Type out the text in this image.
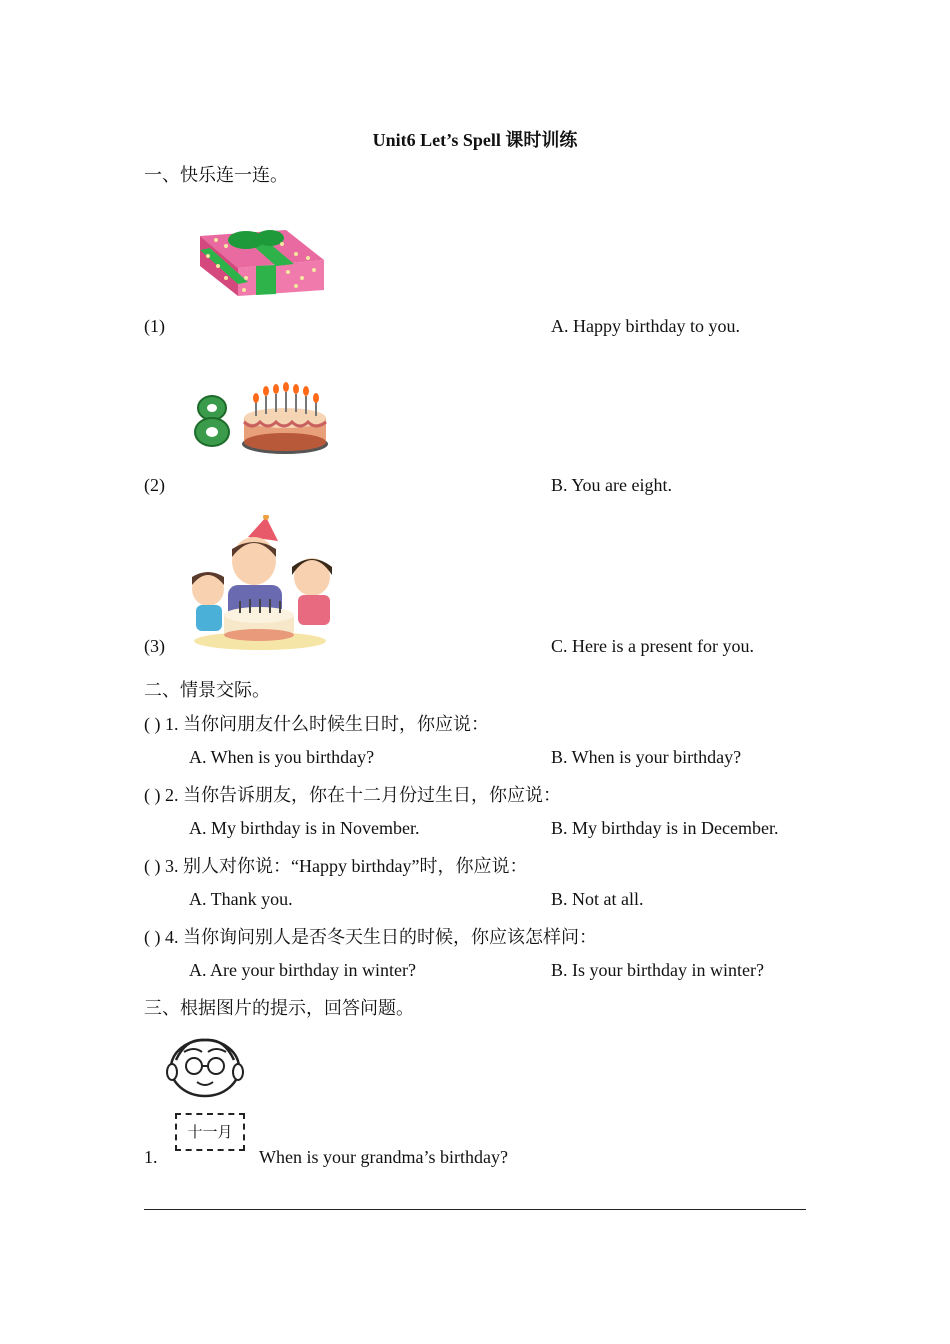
Unit6 Let’s Spell 课时训练
一、快乐连一连。
(1)	A. Happy birthday to you.
(2)	B. You are eight.
(3)	C. Here is a present for you.
二、情景交际。
( ) 1. 当你问朋友什么时候生日时，你应说：
A. When is you birthday?	B. When is your birthday?
( ) 2. 当你告诉朋友，你在十二月份过生日，你应说：
A. My birthday is in November.	B. My birthday is in December.
( ) 3. 别人对你说：“Happy birthday”时，你应说：
A. Thank you.	B. Not at all.
( ) 4. 当你询问别人是否冬天生日的时候，你应该怎样问：
A. Are your birthday in winter?	B. Is your birthday in winter?
三、根据图片的提示，回答问题。
1.
十一月
When is your grandma’s birthday?
